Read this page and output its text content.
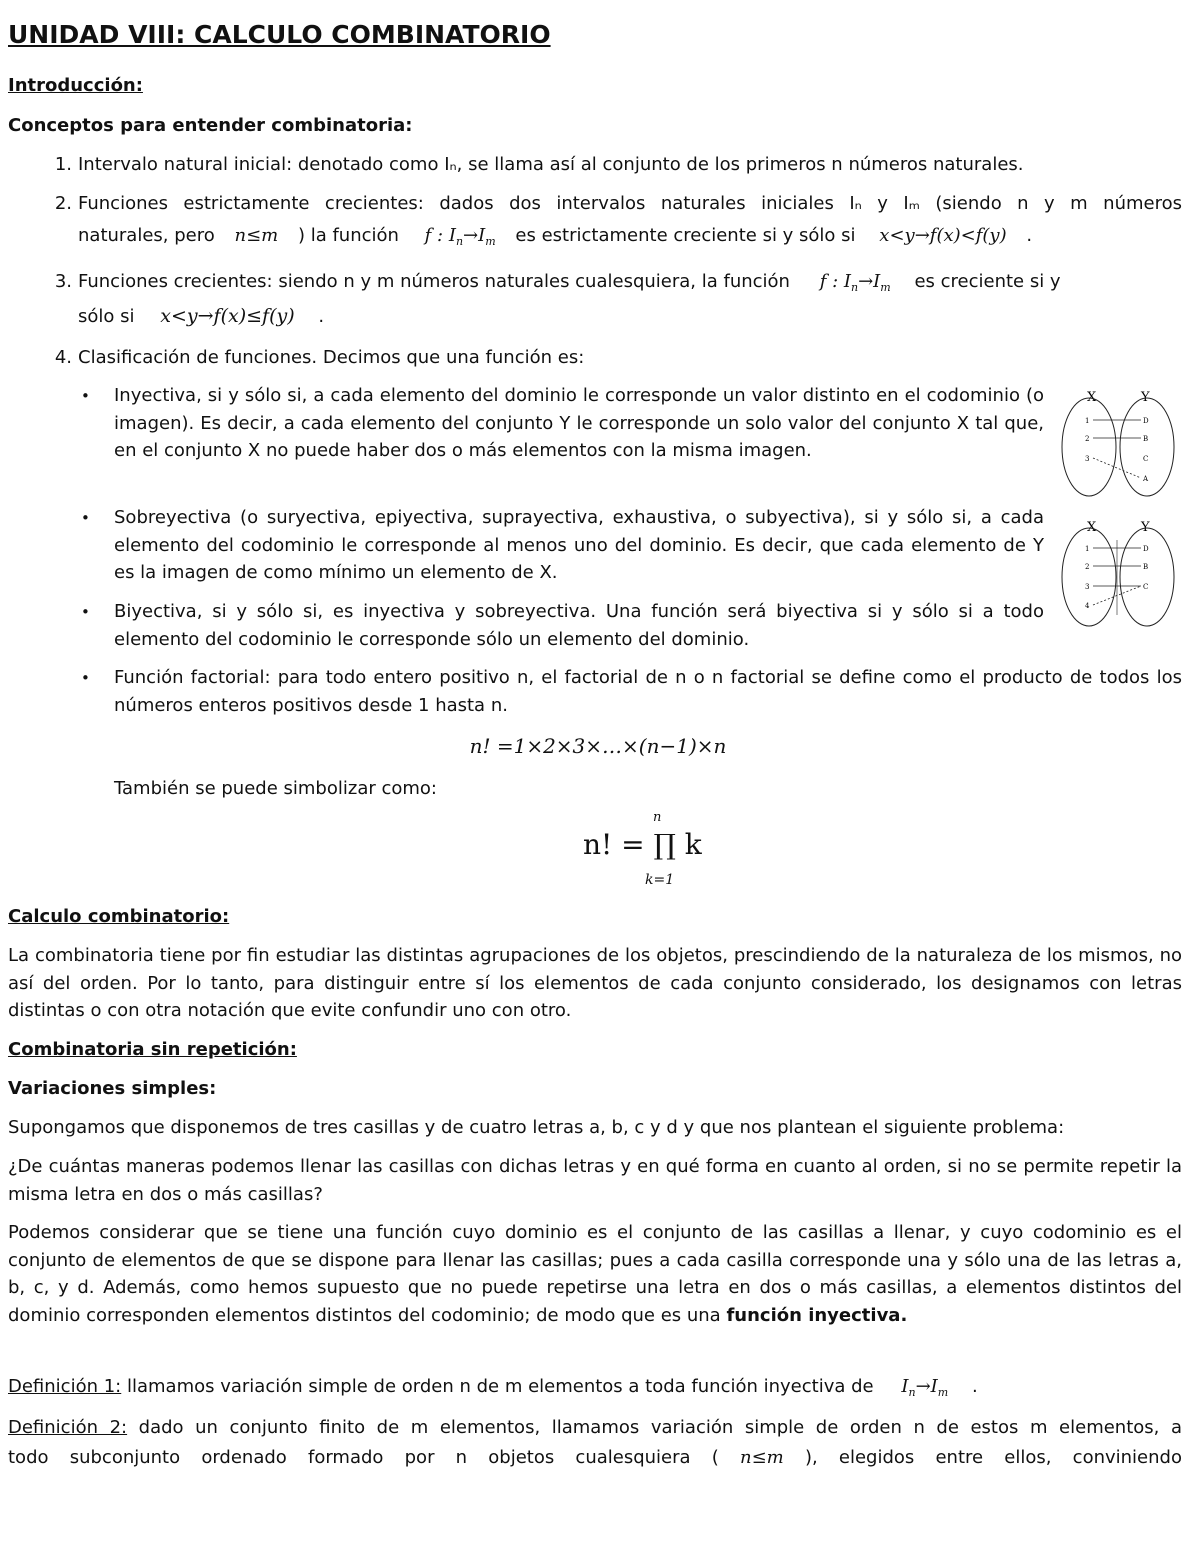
UNIDAD VIII: CALCULO COMBINATORIO
Introducción:
Conceptos para entender combinatoria:
1. Intervalo natural inicial: denotado como Iₙ, se llama así al conjunto de los primeros n números naturales.
2. Funciones estrictamente crecientes: dados dos intervalos naturales iniciales Iₙ y Iₘ (siendo n y m números
naturales, pero n≤m ) la función f : $I_n\to I_m$ es estrictamente creciente si y sólo si x<y→f(x)<f(y) .
3. Funciones crecientes: siendo n y m números naturales cualesquiera, la función f : $I_n\to I_m$ es creciente si y
sólo si x<y→f(x)≤f(y) .
4. Clasificación de funciones. Decimos que una función es:
• Inyectiva, si y sólo si, a cada elemento del dominio le corresponde un valor distinto en el codominio (o imagen). Es decir, a cada elemento del conjunto Y le corresponde un solo valor del conjunto X tal que, en el conjunto X no puede haber dos o más elementos con la misma imagen.
• Sobreyectiva (o suryectiva, epiyectiva, suprayectiva, exhaustiva, o subyectiva), si y sólo si, a cada elemento del codominio le corresponde al menos uno del dominio. Es decir, que cada elemento de Y es la imagen de como mínimo un elemento de X.
• Biyectiva, si y sólo si, es inyectiva y sobreyectiva. Una función será biyectiva si y sólo si a todo elemento del codominio le corresponde sólo un elemento del dominio.
• Función factorial: para todo entero positivo n, el factorial de n o n factorial se define como el producto de todos los números enteros positivos desde 1 hasta n.
n! =1×2×3×…×(n−1)×n
También se puede simbolizar como:
n
n! = ∏ k
k=1
Calculo combinatorio:
La combinatoria tiene por fin estudiar las distintas agrupaciones de los objetos, prescindiendo de la naturaleza de los mismos, no así del orden. Por lo tanto, para distinguir entre sí los elementos de cada conjunto considerado, los designamos con letras distintas o con otra notación que evite confundir uno con otro.
Combinatoria sin repetición:
Variaciones simples:
Supongamos que disponemos de tres casillas y de cuatro letras a, b, c y d y que nos plantean el siguiente problema:
¿De cuántas maneras podemos llenar las casillas con dichas letras y en qué forma en cuanto al orden, si no se permite repetir la misma letra en dos o más casillas?
Podemos considerar que se tiene una función cuyo dominio es el conjunto de las casillas a llenar, y cuyo codominio es el conjunto de elementos de que se dispone para llenar las casillas; pues a cada casilla corresponde una y sólo una de las letras a, b, c, y d. Además, como hemos supuesto que no puede repetirse una letra en dos o más casillas, a elementos distintos del dominio corresponden elementos distintos del codominio; de modo que es una función inyectiva.
Definición 1: llamamos variación simple de orden n de m elementos a toda función inyectiva de $I_n\to I_m$ .
Definición 2: dado un conjunto finito de m elementos, llamamos variación simple de orden n de estos m elementos, a
todo subconjunto ordenado formado por n objetos cualesquiera ( n≤m ), elegidos entre ellos, conviniendo
X	Y
1
2
3
D
B
C
A
X	Y
1
2
3
4
D
B
C
